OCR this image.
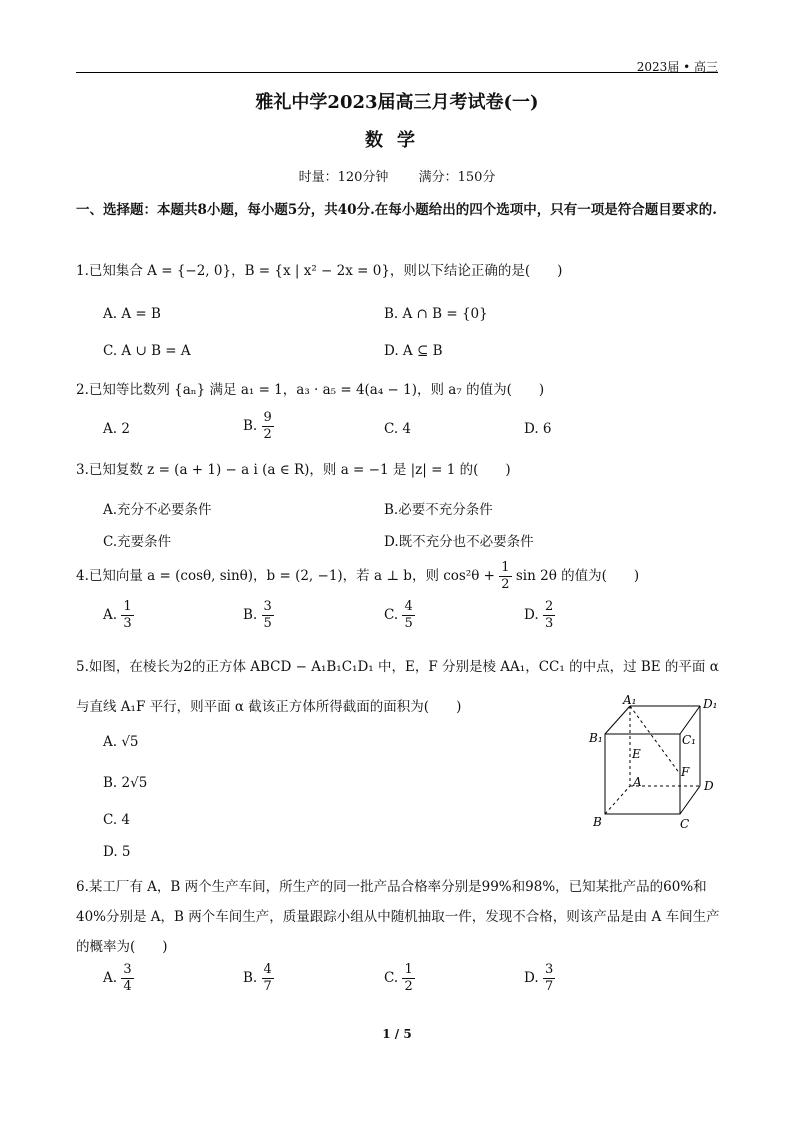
2023届 • 高三
雅礼中学2023届高三月考试卷(一)
数学
时量：120分钟 满分：150分
一、选择题：本题共8小题，每小题5分，共40分.在每小题给出的四个选项中，只有一项是符合题目要求的.
1.已知集合 A = {−2, 0}，B = {x | x² − 2x = 0}，则以下结论正确的是(　　)
A. A = B	B. A ∩ B = {0}
C. A ∪ B = A	D. A ⊆ B
2.已知等比数列 {aₙ} 满足 a₁ = 1，a₃ · a₅ = 4(a₄ − 1)，则 a₇ 的值为(　　)
A. 2	B. $\frac{9}{2}$	C. 4	D. 6
3.已知复数 z = (a + 1) − a i (a ∈ R)，则 a = −1 是 |z| = 1 的(　　)
A.充分不必要条件	B.必要不充分条件
C.充要条件	D.既不充分也不必要条件
4.已知向量 a = (cosθ, sinθ)，b = (2, −1)，若 a ⊥ b，则 $\cos^2\theta + \frac{1}{2}$ sin 2θ 的值为(　　)
A. $\frac{1}{3}$	B. $\frac{3}{5}$	C. $\frac{4}{5}$	D. $\frac{2}{3}$
5.如图，在棱长为2的正方体 ABCD − A₁B₁C₁D₁ 中，E，F 分别是棱 AA₁，CC₁ 的中点，过 BE 的平面 α 与直线 A₁F 平行，则平面 α 截该正方体所得截面的面积为(　　)
A. √5
B. 2√5
C. 4
D. 5
A₁	D₁
B₁	C₁
E
F
A	D
B	C
6.某工厂有 A，B 两个生产车间，所生产的同一批产品合格率分别是99%和98%，已知某批产品的60%和40%分别是 A，B 两个车间生产，质量跟踪小组从中随机抽取一件，发现不合格，则该产品是由 A 车间生产的概率为(　　)
A. $\frac{3}{4}$	B. $\frac{4}{7}$	C. $\frac{1}{2}$	D. $\frac{3}{7}$
1 / 5
